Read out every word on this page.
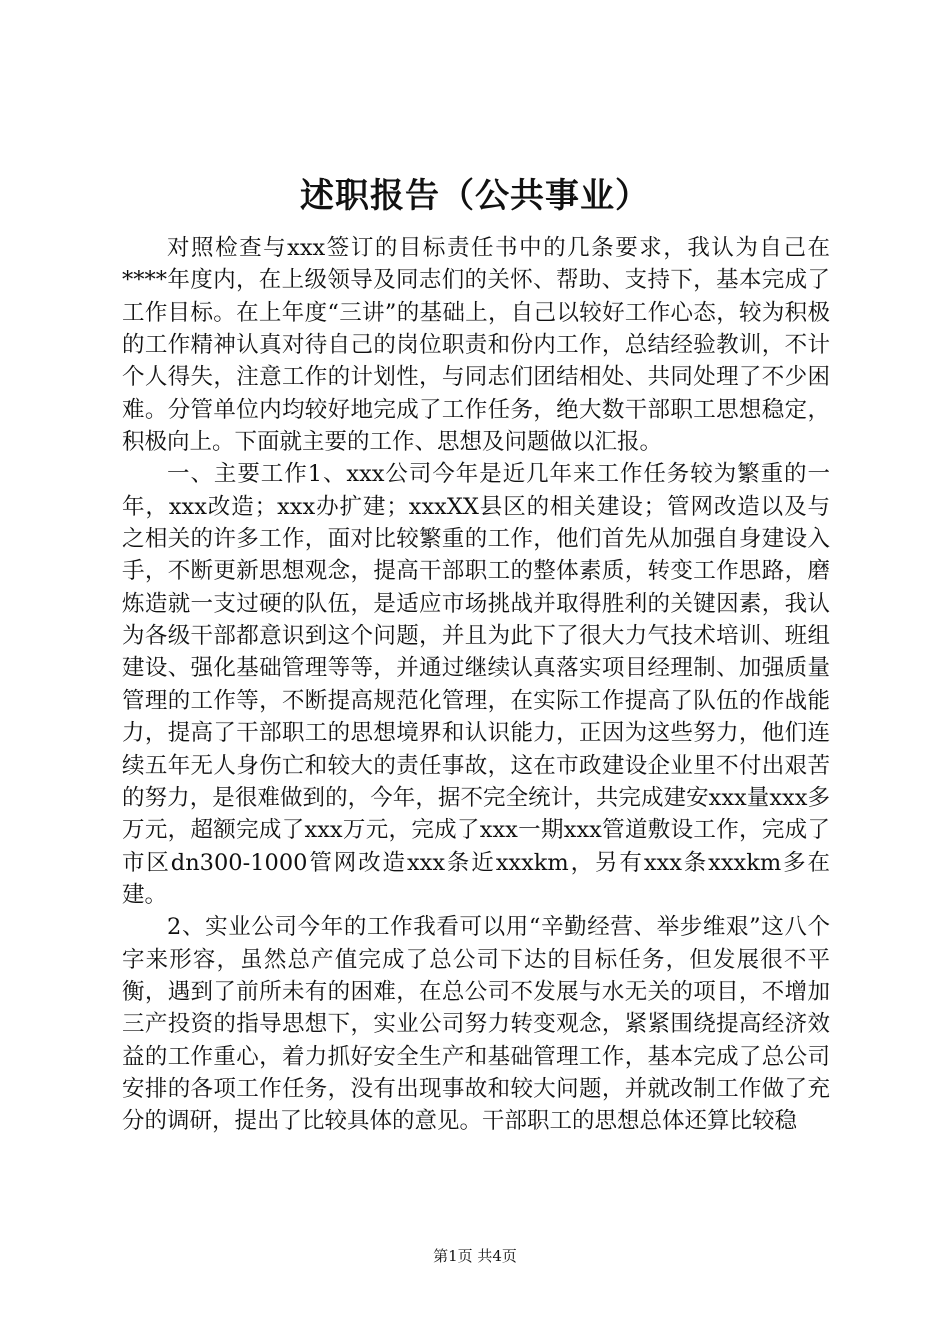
述职报告（公共事业）

对照检查与xxx签订的目标责任书中的几条要求，我认为自己在****年度内，在上级领导及同志们的关怀、帮助、支持下，基本完成了工作目标。在上年度“三讲”的基础上，自己以较好工作心态，较为积极的工作精神认真对待自己的岗位职责和份内工作，总结经验教训，不计个人得失，注意工作的计划性，与同志们团结相处、共同处理了不少困难。分管单位内均较好地完成了工作任务，绝大数干部职工思想稳定，积极向上。下面就主要的工作、思想及问题做以汇报。

一、主要工作1、xxx公司今年是近几年来工作任务较为繁重的一年，xxx改造；xxx办扩建；xxxXX县区的相关建设；管网改造以及与之相关的许多工作，面对比较繁重的工作，他们首先从加强自身建设入手，不断更新思想观念，提高干部职工的整体素质，转变工作思路，磨炼造就一支过硬的队伍，是适应市场挑战并取得胜利的关键因素，我认为各级干部都意识到这个问题，并且为此下了很大力气技术培训、班组建设、强化基础管理等等，并通过继续认真落实项目经理制、加强质量管理的工作等，不断提高规范化管理，在实际工作提高了队伍的作战能力，提高了干部职工的思想境界和认识能力，正因为这些努力，他们连续五年无人身伤亡和较大的责任事故，这在市政建设企业里不付出艰苦的努力，是很难做到的，今年，据不完全统计，共完成建安xxx量xxx多万元，超额完成了xxx万元，完成了xxx一期xxx管道敷设工作，完成了市区dn300-1000管网改造xxx条近xxxkm，另有xxx条xxxkm多在建。

2、实业公司今年的工作我看可以用“辛勤经营、举步维艰”这八个字来形容，虽然总产值完成了总公司下达的目标任务，但发展很不平衡，遇到了前所未有的困难，在总公司不发展与水无关的项目，不增加三产投资的指导思想下，实业公司努力转变观念，紧紧围绕提高经济效益的工作重心，着力抓好安全生产和基础管理工作，基本完成了总公司安排的各项工作任务，没有出现事故和较大问题，并就改制工作做了充分的调研，提出了比较具体的意见。干部职工的思想总体还算比较稳

第1页 共4页
